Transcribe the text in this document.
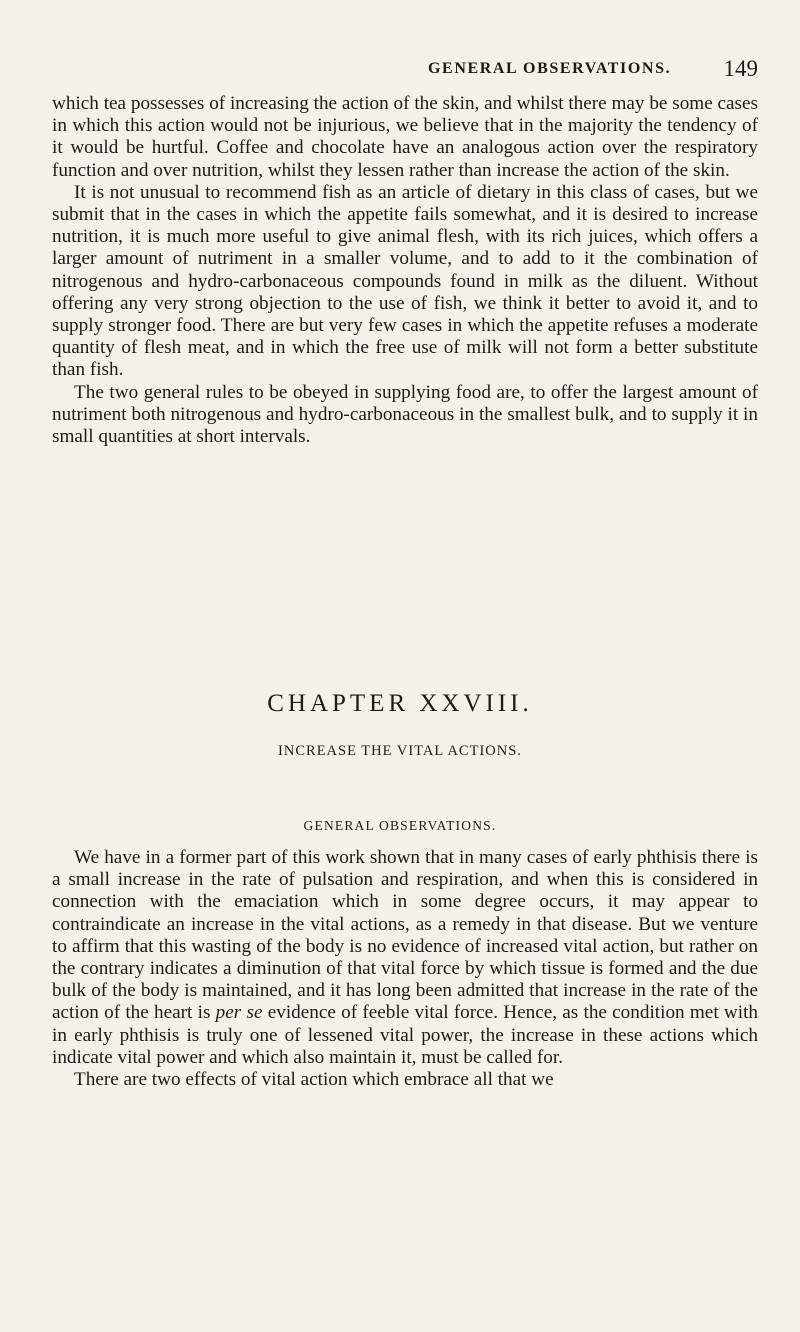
GENERAL OBSERVATIONS. 149

which tea possesses of increasing the action of the skin, and whilst there may be some cases in which this action would not be injurious, we believe that in the majority the tendency of it would be hurtful. Coffee and chocolate have an analogous action over the respiratory function and over nutrition, whilst they lessen rather than increase the action of the skin.

It is not unusual to recommend fish as an article of dietary in this class of cases, but we submit that in the cases in which the appetite fails somewhat, and it is desired to increase nutrition, it is much more useful to give animal flesh, with its rich juices, which offers a larger amount of nutriment in a smaller volume, and to add to it the combination of nitrogenous and hydro-carbonaceous compounds found in milk as the diluent. Without offering any very strong objection to the use of fish, we think it better to avoid it, and to supply stronger food. There are but very few cases in which the appetite refuses a moderate quantity of flesh meat, and in which the free use of milk will not form a better substitute than fish.

The two general rules to be obeyed in supplying food are, to offer the largest amount of nutriment both nitrogenous and hydro-carbonaceous in the smallest bulk, and to supply it in small quantities at short intervals.

CHAPTER XXVIII.
INCREASE THE VITAL ACTIONS.
GENERAL OBSERVATIONS.

We have in a former part of this work shown that in many cases of early phthisis there is a small increase in the rate of pulsation and respiration, and when this is considered in connection with the emaciation which in some degree occurs, it may appear to contraindicate an increase in the vital actions, as a remedy in that disease. But we venture to affirm that this wasting of the body is no evidence of increased vital action, but rather on the contrary indicates a diminution of that vital force by which tissue is formed and the due bulk of the body is maintained, and it has long been admitted that increase in the rate of the action of the heart is per se evidence of feeble vital force. Hence, as the condition met with in early phthisis is truly one of lessened vital power, the increase in these actions which indicate vital power and which also maintain it, must be called for.

There are two effects of vital action which embrace all that we
